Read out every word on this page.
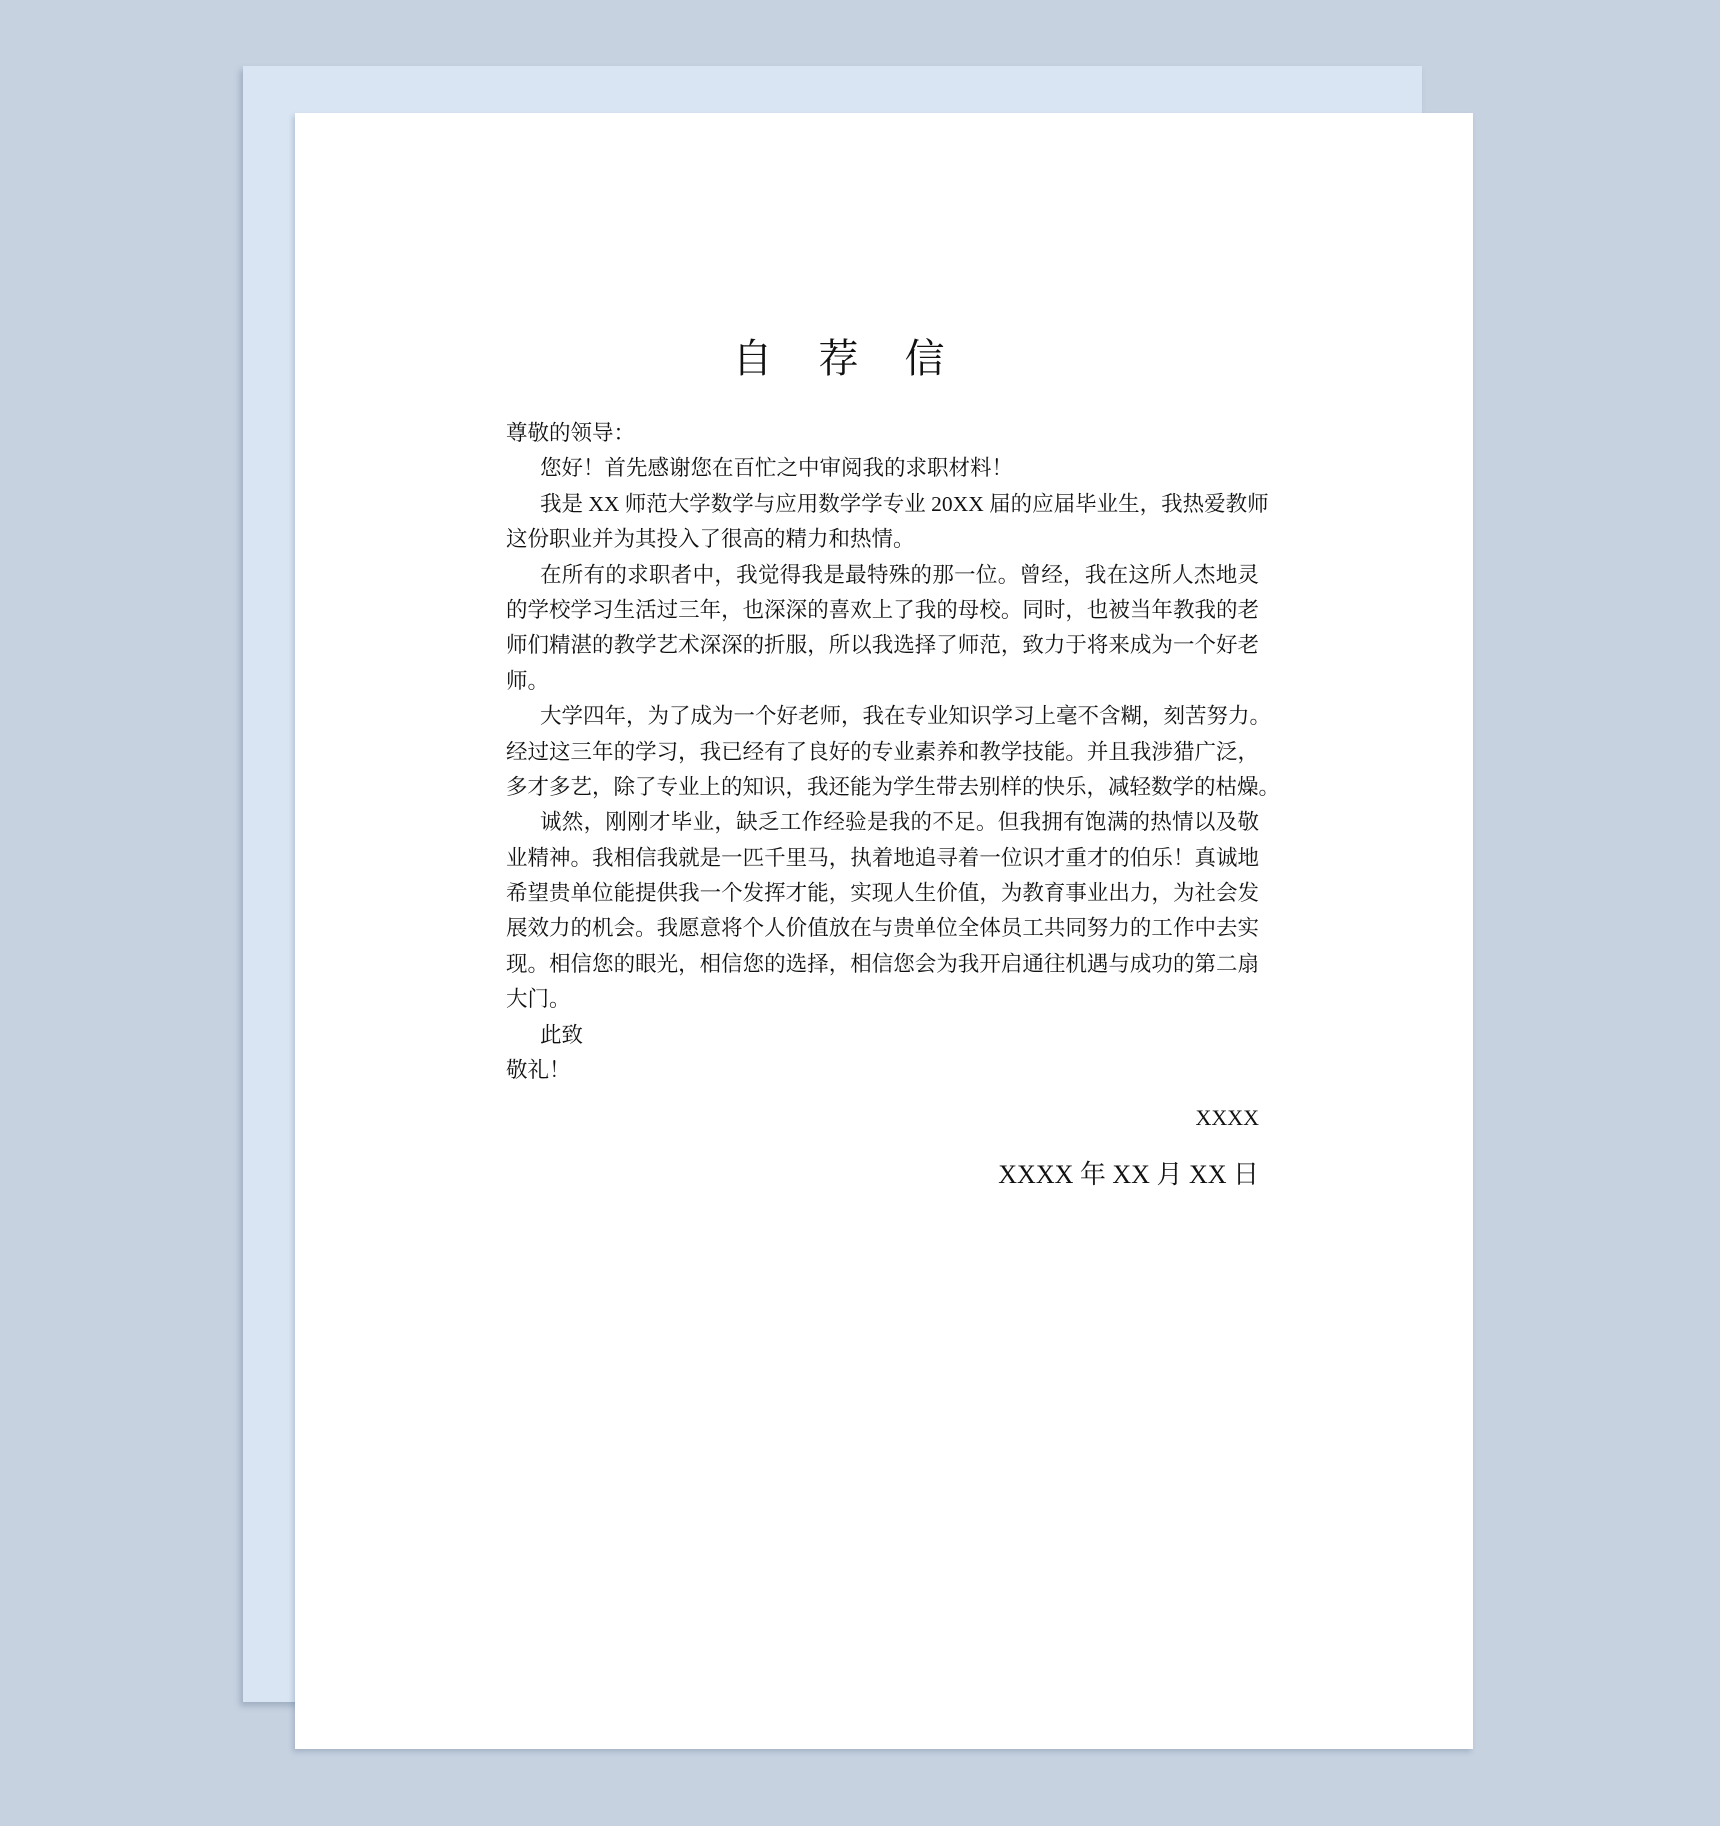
自 荐 信
尊敬的领导：
您好！首先感谢您在百忙之中审阅我的求职材料！
我是 XX 师范大学数学与应用数学学专业 20XX 届的应届毕业生，我热爱教师
这份职业并为其投入了很高的精力和热情。
在所有的求职者中，我觉得我是最特殊的那一位。曾经，我在这所人杰地灵
的学校学习生活过三年，也深深的喜欢上了我的母校。同时，也被当年教我的老
师们精湛的教学艺术深深的折服，所以我选择了师范，致力于将来成为一个好老
师。
大学四年，为了成为一个好老师，我在专业知识学习上毫不含糊，刻苦努力。
经过这三年的学习，我已经有了良好的专业素养和教学技能。并且我涉猎广泛，
多才多艺，除了专业上的知识，我还能为学生带去别样的快乐，减轻数学的枯燥。
诚然，刚刚才毕业，缺乏工作经验是我的不足。但我拥有饱满的热情以及敬
业精神。我相信我就是一匹千里马，执着地追寻着一位识才重才的伯乐！真诚地
希望贵单位能提供我一个发挥才能，实现人生价值，为教育事业出力，为社会发
展效力的机会。我愿意将个人价值放在与贵单位全体员工共同努力的工作中去实
现。相信您的眼光，相信您的选择，相信您会为我开启通往机遇与成功的第二扇
大门。
此致
敬礼！
XXXX
XXXX 年 XX 月 XX 日
